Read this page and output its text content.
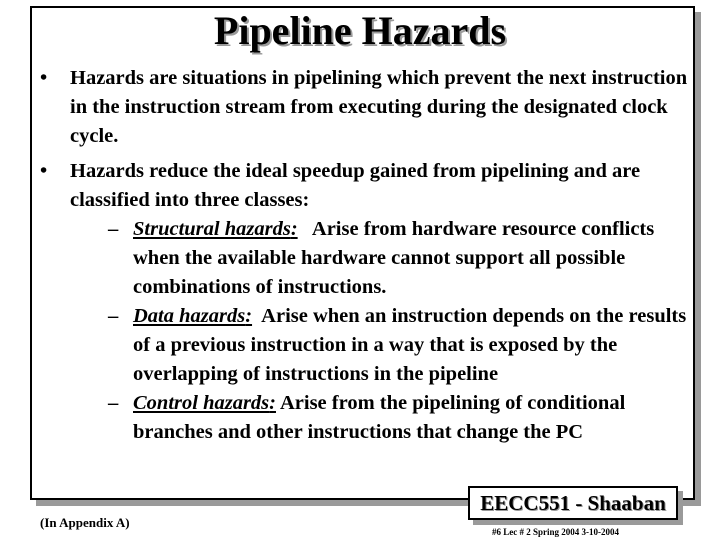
Pipeline Hazards
• Hazards are situations in pipelining which prevent the next instruction in the instruction stream from executing during the designated clock cycle.
• Hazards reduce the ideal speedup gained from pipelining and are classified into three classes:
– Structural hazards: Arise from hardware resource conflicts when the available hardware cannot support all possible combinations of instructions.
– Data hazards: Arise when an instruction depends on the results of a previous instruction in a way that is exposed by the overlapping of instructions in the pipeline
– Control hazards: Arise from the pipelining of conditional branches and other instructions that change the PC
(In Appendix A)
EECC551 - Shaaban
#6 Lec # 2 Spring 2004 3-10-2004
